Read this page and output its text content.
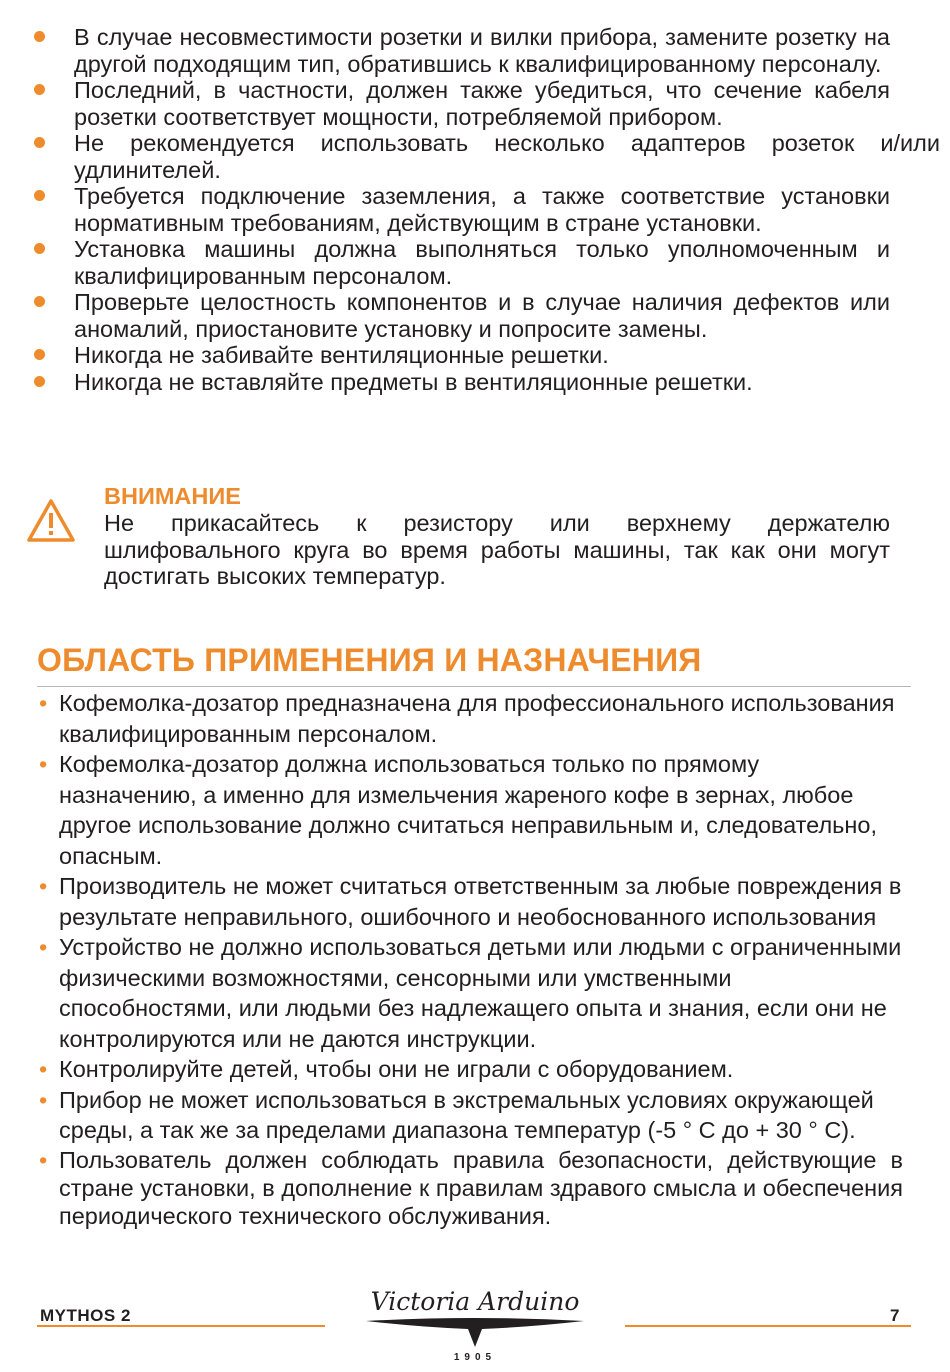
В случае несовместимости розетки и вилки прибора, замените розетку на другой подходящим тип, обратившись к квалифицированному персоналу.
Последний, в частности, должен также убедиться, что сечение кабеля розетки соответствует мощности, потребляемой прибором.
Не рекомендуется использовать несколько адаптеров розеток и/или удлинителей.
Требуется подключение заземления, а также соответствие установки нормативным требованиям, действующим в стране установки.
Установка машины должна выполняться только уполномоченным и квалифицированным персоналом.
Проверьте целостность компонентов и в случае наличия дефектов или аномалий, приостановите установку и попросите замены.
Никогда не забивайте вентиляционные решетки.
Никогда не вставляйте предметы в вентиляционные решетки.
ВНИМАНИЕ
Не прикасайтесь к резистору или верхнему держателю шлифовального круга во время работы машины, так как они могут достигать высоких температур.
ОБЛАСТЬ ПРИМЕНЕНИЯ И НАЗНАЧЕНИЯ
• Кофемолка-дозатор предназначена для профессионального использования квалифицированным персоналом.
• Кофемолка-дозатор должна использоваться только по прямому назначению, а именно для измельчения жареного кофе в зернах, любое другое использование должно считаться неправильным и, следовательно, опасным.
• Производитель не может считаться ответственным за любые повреждения в результате неправильного, ошибочного и необоснованного использования
• Устройство не должно использоваться детьми или людьми с ограниченными физическими возможностями, сенсорными или умственными способностями, или людьми без надлежащего опыта и знания, если они не контролируются или не даются инструкции.
• Контролируйте детей, чтобы они не играли с оборудованием.
• Прибор не может использоваться в экстремальных условиях окружающей среды, а так же за пределами диапазона температур (-5 ° C до + 30 ° C).
• Пользователь должен соблюдать правила безопасности, действующие в стране установки, в дополнение к правилам здравого смысла и обеспечения периодического технического обслуживания.
MYTHOS 2	Victoria Arduino
1905
7
